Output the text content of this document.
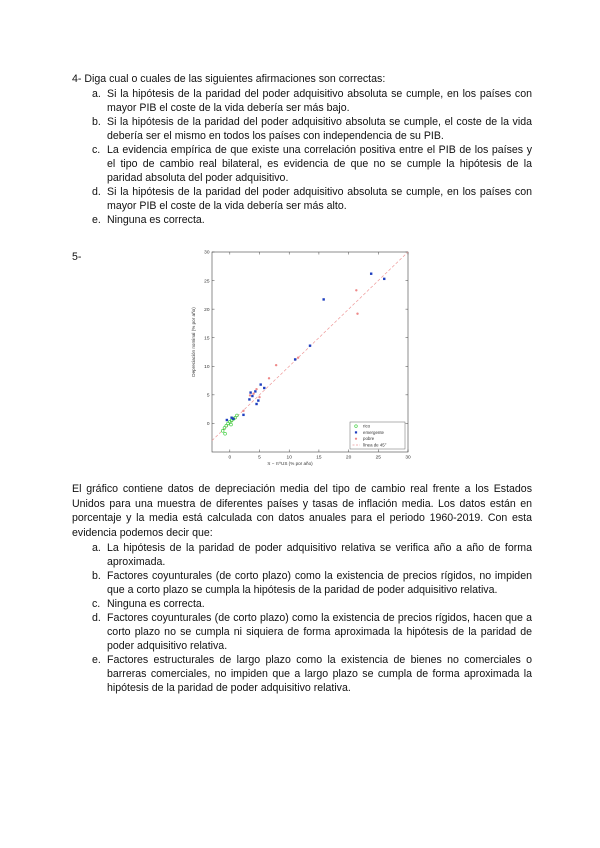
4- Diga cual o cuales de las siguientes afirmaciones son correctas:
a. Si la hipótesis de la paridad del poder adquisitivo absoluta se cumple, en los países con mayor PIB el coste de la vida debería ser más bajo.
b. Si la hipótesis de la paridad del poder adquisitivo absoluta se cumple, el coste de la vida debería ser el mismo en todos los países con independencia de su PIB.
c. La evidencia empírica de que existe una correlación positiva entre el PIB de los países y el tipo de cambio real bilateral, es evidencia de que no se cumple la hipótesis de la paridad absoluta del poder adquisitivo.
d. Si la hipótesis de la paridad del poder adquisitivo absoluta se cumple, en los países con mayor PIB el coste de la vida debería ser más alto.
e. Ninguna es correcta.
5-
0	5	10	15	20	25	30
0
5
10
15
20
25
30
π − π^US (% por año)
Depreciación nominal (% por año)
rico
emergente
pobre
línea de 45°
El gráfico contiene datos de depreciación media del tipo de cambio real frente a los Estados Unidos para una muestra de diferentes países y tasas de inflación media. Los datos están en porcentaje y la media está calculada con datos anuales para el periodo 1960-2019. Con esta evidencia podemos decir que:
a. La hipótesis de la paridad de poder adquisitivo relativa se verifica año a año de forma aproximada.
b. Factores coyunturales (de corto plazo) como la existencia de precios rígidos, no impiden que a corto plazo se cumpla la hipótesis de la paridad de poder adquisitivo relativa.
c. Ninguna es correcta.
d. Factores coyunturales (de corto plazo) como la existencia de precios rígidos, hacen que a corto plazo no se cumpla ni siquiera de forma aproximada la hipótesis de la paridad de poder adquisitivo relativa.
e. Factores estructurales de largo plazo como la existencia de bienes no comerciales o barreras comerciales, no impiden que a largo plazo se cumpla de forma aproximada la hipótesis de la paridad de poder adquisitivo relativa.
